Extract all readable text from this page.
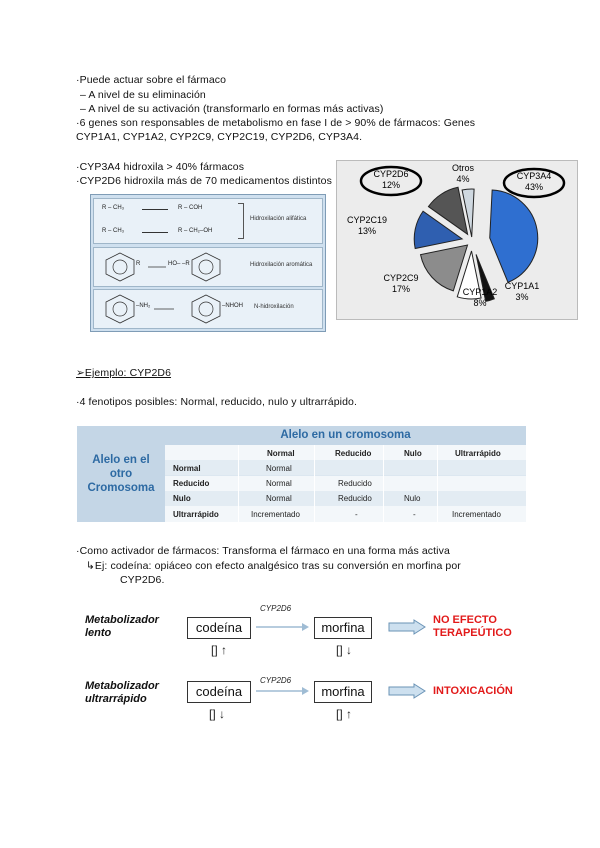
·Puede actuar sobre el fármaco
– A nivel de su eliminación
– A nivel de su activación (transformarlo en formas más activas)
·6 genes son responsables de metabolismo en fase I de > 90% de fármacos: Genes
CYP1A1, CYP1A2, CYP2C9, CYP2C19, CYP2D6, CYP3A4.
·CYP3A4 hidroxila > 40% fármacos
·CYP2D6 hidroxila más de 70 medicamentos distintos
R – CH₃	R – COH
R – CH₃	R – CH₂–OH
Hidroxilación alifática
R	HO– –R	Hidroxilación aromática
–NH₂	–NHOH N-hidroxilación
CYP3A4
43%
CYP1A1
3%
CYP1A2
8%
CYP2C9
17%
CYP2C19
13%
CYP2D6
12%
Otros
4%
➢Ejemplo: CYP2D6
·4 fenotipos posibles: Normal, reducido, nulo y ultrarrápido.
Alelo en el
otro
Cromosoma
Alelo en un cromosoma
Normal	Reducido	Nulo	Ultrarrápido
Normal	Normal
Reducido	Normal	Reducido
Nulo	Normal	Reducido	Nulo
Ultrarrápido	Incrementado	-	-	Incrementado
·Como activador de fármacos: Transforma el fármaco en una forma más activa
↳Ej: codeína: opiáceo con efecto analgésico tras su conversión en morfina por
CYP2D6.
Metabolizador
lento	codeína
CYP2D6
morfina	NO EFECTO
TERAPEÚTICO
[] ↑	[] ↓
Metabolizador
ultrarrápido	codeína
CYP2D6
morfina	INTOXICACIÓN
[] ↓	[] ↑
